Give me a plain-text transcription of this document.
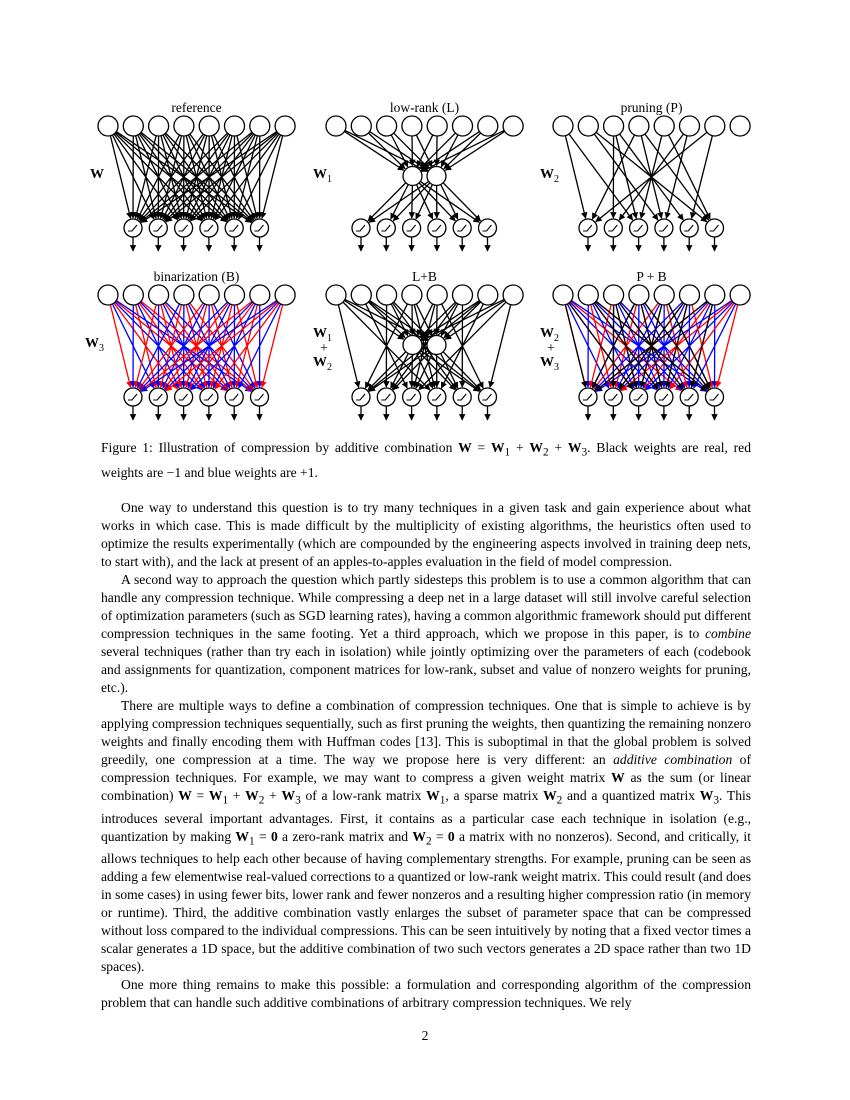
reference
W
low-rank (L)
$W_1$
pruning (P)
$W_2$
binarization (B)
$W_3$
L+B
$W_1$
+
$W_2$
P + B
$W_2$
+
$W_3$

Figure 1: Illustration of compression by additive combination $W = W_1 + W_2 + W_3$. Black weights are real, red weights are −1 and blue weights are +1.

One way to understand this question is to try many techniques in a given task and gain experience about what works in which case. This is made difficult by the multiplicity of existing algorithms, the heuristics often used to optimize the results experimentally (which are compounded by the engineering aspects involved in training deep nets, to start with), and the lack at present of an apples-to-apples evaluation in the field of model compression.

A second way to approach the question which partly sidesteps this problem is to use a common algorithm that can handle any compression technique. While compressing a deep net in a large dataset will still involve careful selection of optimization parameters (such as SGD learning rates), having a common algorithmic framework should put different compression techniques in the same footing. Yet a third approach, which we propose in this paper, is to combine several techniques (rather than try each in isolation) while jointly optimizing over the parameters of each (codebook and assignments for quantization, component matrices for low-rank, subset and value of nonzero weights for pruning, etc.).

There are multiple ways to define a combination of compression techniques. One that is simple to achieve is by applying compression techniques sequentially, such as first pruning the weights, then quantizing the remaining nonzero weights and finally encoding them with Huffman codes [13]. This is suboptimal in that the global problem is solved greedily, one compression at a time. The way we propose here is very different: an additive combination of compression techniques. For example, we may want to compress a given weight matrix W as the sum (or linear combination) $W = W_1 + W_2 + W_3$ of a low-rank matrix $W_1$, a sparse matrix $W_2$ and a quantized matrix $W_3$. This introduces several important advantages. First, it contains as a particular case each technique in isolation (e.g., quantization by making $W_1 = 0$ a zero-rank matrix and $W_2 = 0$ a matrix with no nonzeros). Second, and critically, it allows techniques to help each other because of having complementary strengths. For example, pruning can be seen as adding a few elementwise real-valued corrections to a quantized or low-rank weight matrix. This could result (and does in some cases) in using fewer bits, lower rank and fewer nonzeros and a resulting higher compression ratio (in memory or runtime). Third, the additive combination vastly enlarges the subset of parameter space that can be compressed without loss compared to the individual compressions. This can be seen intuitively by noting that a fixed vector times a scalar generates a 1D space, but the additive combination of two such vectors generates a 2D space rather than two 1D spaces).

One more thing remains to make this possible: a formulation and corresponding algorithm of the compression problem that can handle such additive combinations of arbitrary compression techniques. We rely

2
